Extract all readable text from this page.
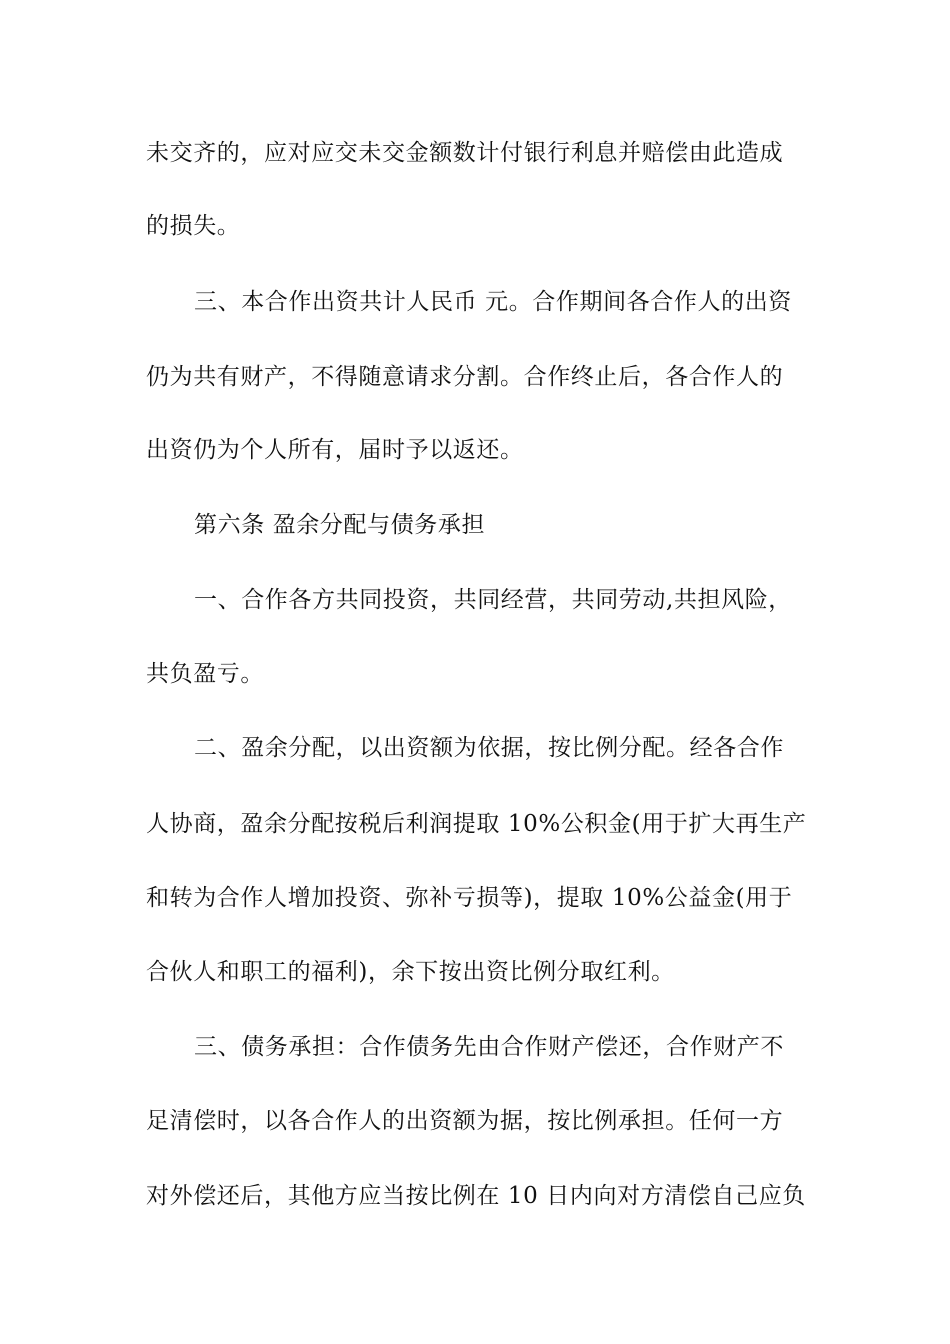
未交齐的，应对应交未交金额数计付银行利息并赔偿由此造成
的损失。
三、本合作出资共计人民币 元。合作期间各合作人的出资
仍为共有财产，不得随意请求分割。合作终止后，各合作人的
出资仍为个人所有，届时予以返还。
第六条 盈余分配与债务承担
一、合作各方共同投资，共同经营，共同劳动,共担风险，
共负盈亏。
二、盈余分配，以出资额为依据，按比例分配。经各合作
人协商，盈余分配按税后利润提取 10%公积金(用于扩大再生产
和转为合作人增加投资、弥补亏损等)，提取 10%公益金(用于
合伙人和职工的福利)，余下按出资比例分取红利。
三、债务承担：合作债务先由合作财产偿还，合作财产不
足清偿时，以各合作人的出资额为据，按比例承担。任何一方
对外偿还后，其他方应当按比例在 10 日内向对方清偿自己应负
